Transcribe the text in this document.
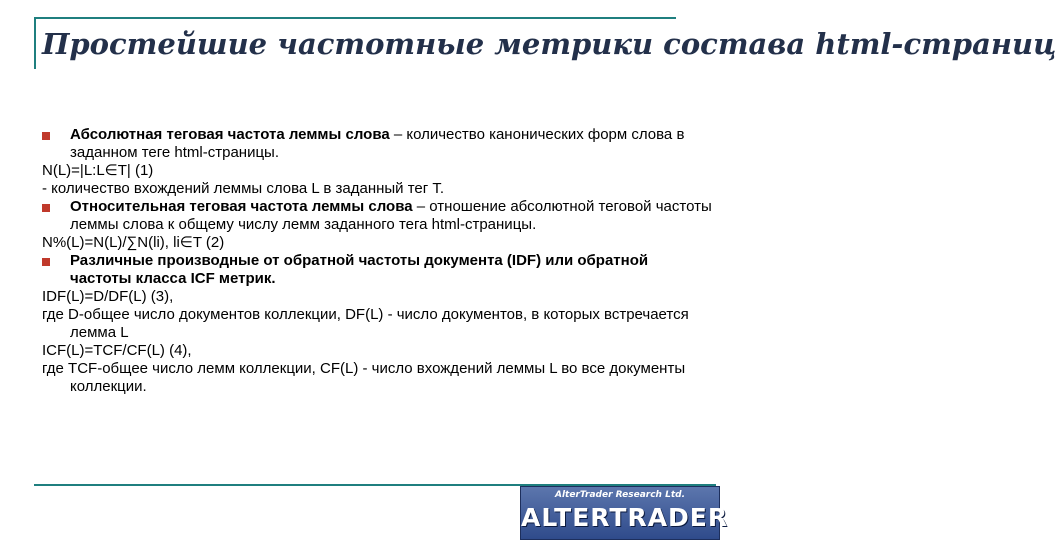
Простейшие частотные метрики состава html-страниц

Абсолютная теговая частота леммы слова – количество канонических форм слова в заданном теге html-страницы.

N(L)=|L:L∈T| (1)

- количество вхождений леммы слова L в заданный тег T.

Относительная теговая частота леммы слова – отношение абсолютной теговой частоты леммы слова к общему числу лемм заданного тега html-страницы.

N%(L)=N(L)/∑N(li), li∈T (2)

Различные производные от обратной частоты документа (IDF) или обратной частоты класса ICF метрик.

IDF(L)=D/DF(L) (3),

где D-общее число документов коллекции, DF(L) - число документов, в которых встречается лемма L

ICF(L)=TCF/CF(L) (4),

где TCF-общее число лемм коллекции, CF(L) - число вхождений леммы L во все документы коллекции.

AlterTrader Research Ltd.
ALTERTRADER
